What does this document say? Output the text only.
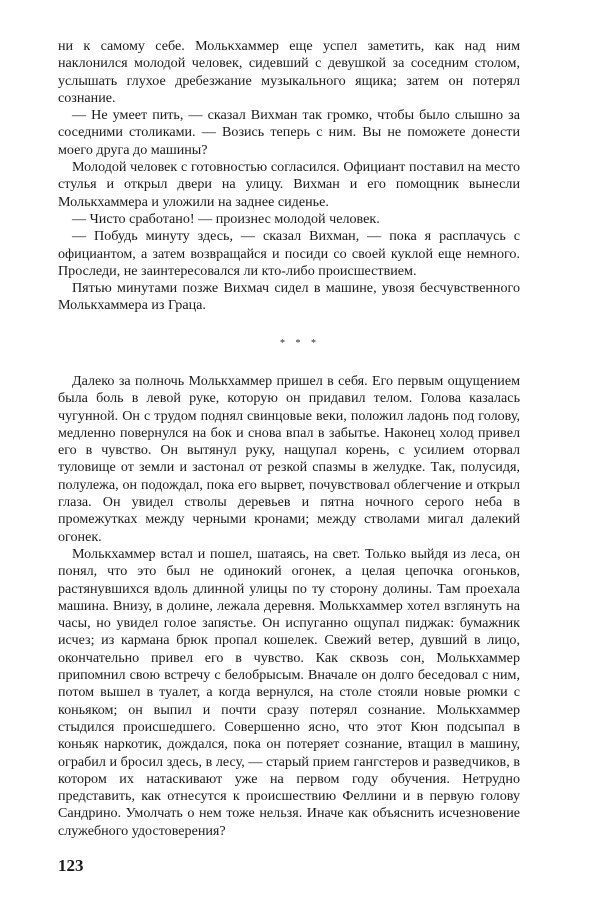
ни к самому себе. Мольκхаммер еще успел заметить, как над ним наклонился молодой человек, сидевший с девушкой за соседним столом, услышать глухое дребезжание музыкального ящика; затем он потерял сознание.

— Не умеет пить, — сказал Вихман так громко, чтобы было слышно за соседними столиками. — Возись теперь с ним. Вы не поможете донести моего друга до машины?

Молодой человек с готовностью согласился. Официант поставил на место стулья и открыл двери на улицу. Вихман и его помощник вынесли Молькхаммера и уложили на заднее сиденье.

— Чисто сработано! — произнес молодой человек.

— Побудь минуту здесь, — сказал Вихман, — пока я расплачусь с официантом, а затем возвращайся и посиди со своей куклой еще немного. Проследи, не заинтересовался ли кто-либо происшествием.

Пятью минутами позже Вихмач сидел в машине, увозя бесчувственного Молькхаммера из Граца.

* * *

Далеко за полночь Молькхаммер пришел в себя. Его первым ощущением была боль в левой руке, которую он придавил телом. Голова казалась чугунной. Он с трудом поднял свинцовые веки, положил ладонь под голову, медленно повернулся на бок и снова впал в забытье. Наконец холод привел его в чувство. Он вытянул руку, нащупал корень, с усилием оторвал туловище от земли и застонал от резкой спазмы в желудке. Так, полусидя, полулежа, он подождал, пока его вырвет, почувствовал облегчение и открыл глаза. Он увидел стволы деревьев и пятна ночного серого неба в промежутках между черными кронами; между стволами мигал далекий огонек.

Молькхаммер встал и пошел, шатаясь, на свет. Только выйдя из леса, он понял, что это был не одинокий огонек, а целая цепочка огоньков, растянувшихся вдоль длинной улицы по ту сторону долины. Там проехала машина. Внизу, в долине, лежала деревня. Молькхаммер хотел взглянуть на часы, но увидел голое запястье. Он испуганно ощупал пиджак: бумажник исчез; из кармана брюк пропал кошелек. Свежий ветер, дувший в лицо, окончательно привел его в чувство. Как сквозь сон, Молькхаммер припомнил свою встречу с белобрысым. Вначале он долго беседовал с ним, потом вышел в туалет, а когда вернулся, на столе стояли новые рюмки с коньяком; он выпил и почти сразу потерял сознание. Молькхаммер стыдился происшедшего. Совершенно ясно, что этот Кюн подсыпал в коньяк наркотик, дождался, пока он потеряет сознание, втащил в машину, ограбил и бросил здесь, в лесу, — старый прием гангстеров и разведчиков, в котором их натаскивают уже на первом году обучения. Нетрудно представить, как отнесутся к происшествию Феллини и в первую голову Сандрино. Умолчать о нем тоже нельзя. Иначе как объяснить исчезновение служебного удостоверения?

123
